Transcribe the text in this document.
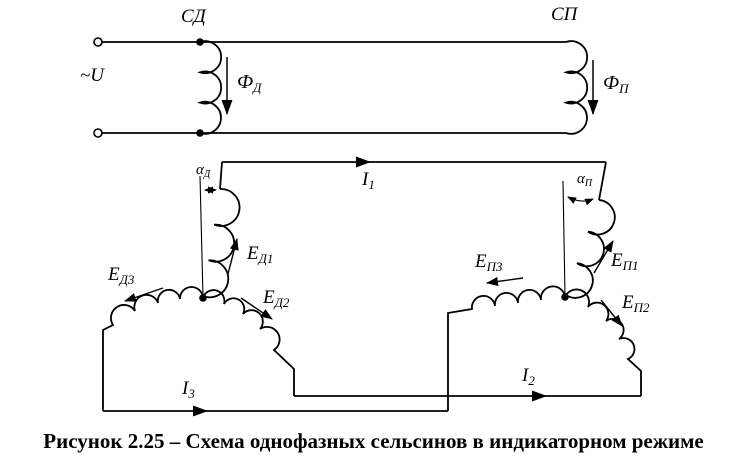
СД	СП
~U	$Ф_Д$	$Ф_П$
$\alpha_Д$	$\alpha_П$
$I_1$
$I_2$
$I_3$
$Е_{Д1}$
$Е_{Д2}$
$Е_{Д3}$
$Е_{П1}$
$Е_{П2}$
$Е_{П3}$
Рисунок 2.25 – Схема однофазных сельсинов в индикаторном режиме
